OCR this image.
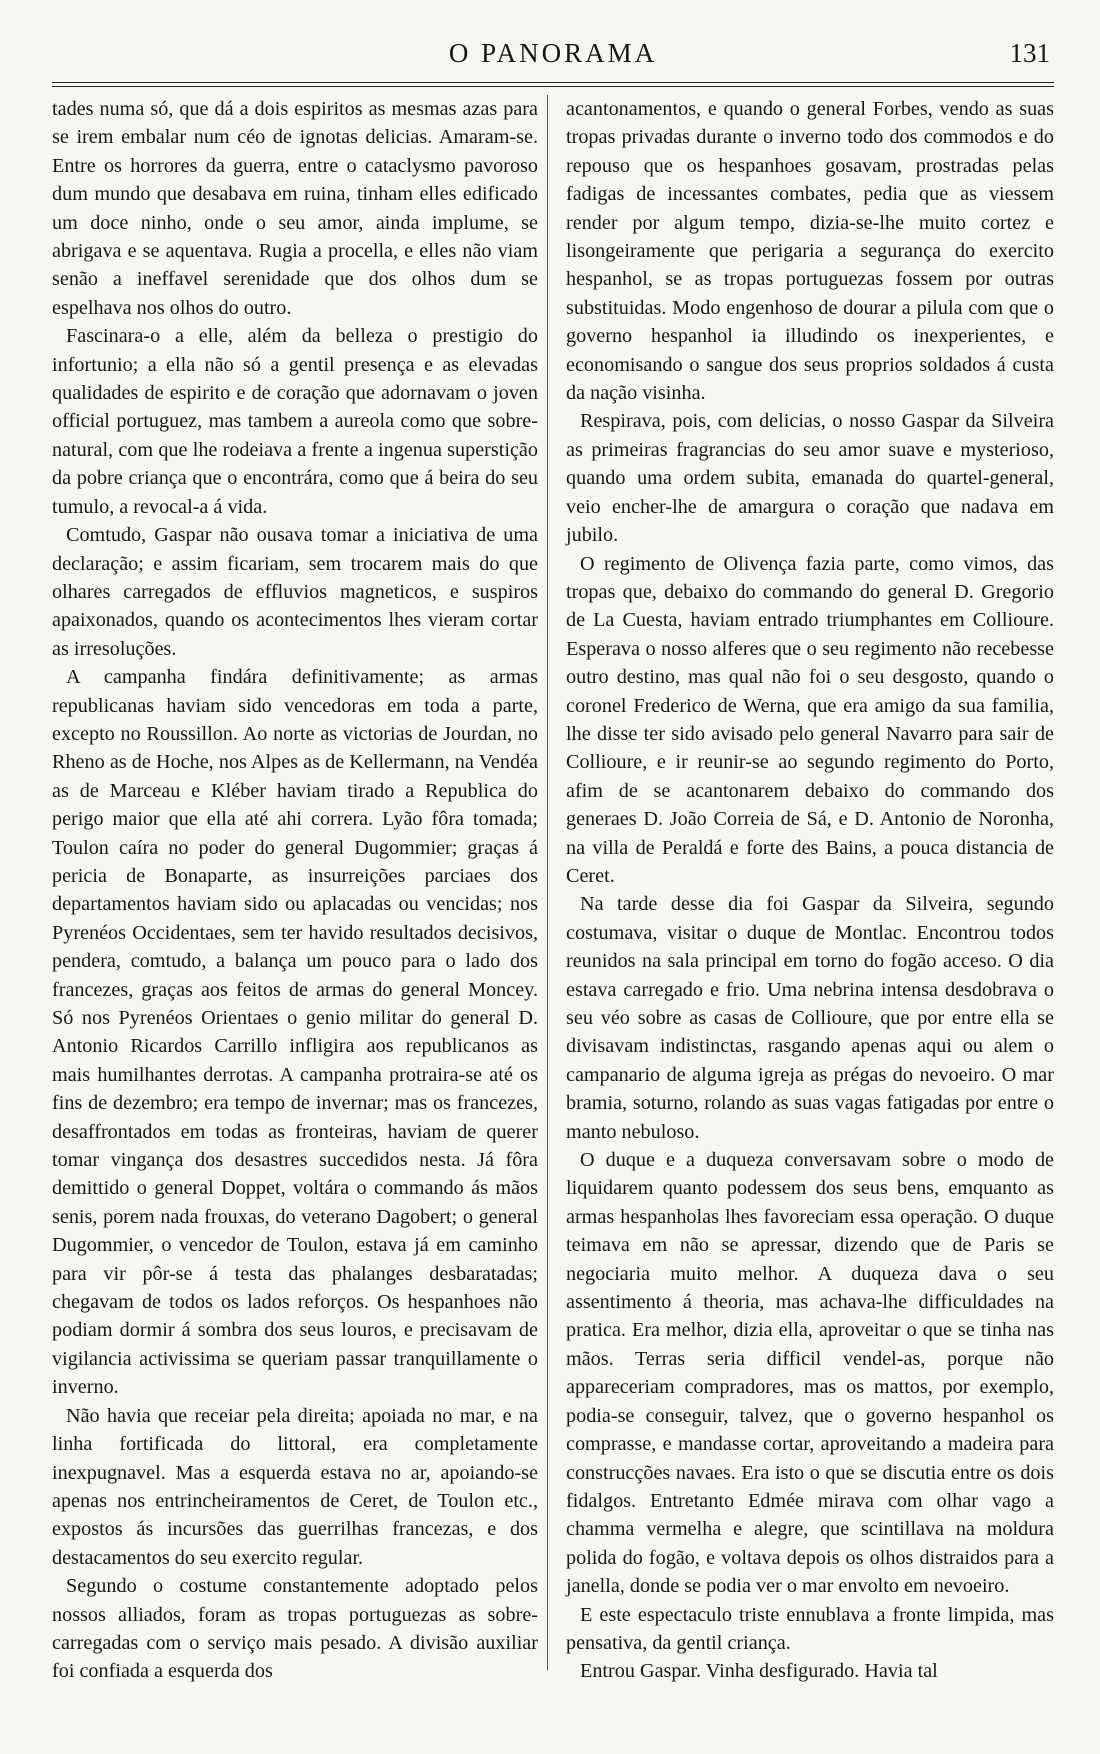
O PANORAMA	131

tades numa só, que dá a dois espiritos as mesmas azas para se irem embalar num céo de ignotas delicias. Amaram-se. Entre os horrores da guerra, entre o cataclysmo pavoroso dum mundo que desabava em ruina, tinham elles edificado um doce ninho, onde o seu amor, ainda implume, se abrigava e se aquentava. Rugia a procella, e elles não viam senão a ineffavel serenidade que dos olhos dum se espelhava nos olhos do outro.

Fascinara-o a elle, além da belleza o prestigio do infortunio; a ella não só a gentil presença e as elevadas qualidades de espirito e de coração que adornavam o joven official portuguez, mas tambem a aureola como que sobre-natural, com que lhe rodeiava a frente a ingenua superstição da pobre criança que o encontrára, como que á beira do seu tumulo, a revocal-a á vida.

Comtudo, Gaspar não ousava tomar a iniciativa de uma declaração; e assim ficariam, sem trocarem mais do que olhares carregados de effluvios magneticos, e suspiros apaixonados, quando os acontecimentos lhes vieram cortar as irresoluções.

A campanha findára definitivamente; as armas republicanas haviam sido vencedoras em toda a parte, excepto no Roussillon. Ao norte as victorias de Jourdan, no Rheno as de Hoche, nos Alpes as de Kellermann, na Vendéa as de Marceau e Kléber haviam tirado a Republica do perigo maior que ella até ahi correra. Lyão fôra tomada; Toulon caíra no poder do general Dugommier; graças á pericia de Bonaparte, as insurreições parciaes dos departamentos haviam sido ou aplacadas ou vencidas; nos Pyrenéos Occidentaes, sem ter havido resultados decisivos, pendera, comtudo, a balança um pouco para o lado dos francezes, graças aos feitos de armas do general Moncey. Só nos Pyrenéos Orientaes o genio militar do general D. Antonio Ricardos Carrillo infligira aos republicanos as mais humilhantes derrotas. A campanha protraira-se até os fins de dezembro; era tempo de invernar; mas os francezes, desaffrontados em todas as fronteiras, haviam de querer tomar vingança dos desastres succedidos nesta. Já fôra demittido o general Doppet, voltára o commando ás mãos senis, porem nada frouxas, do veterano Dagobert; o general Dugommier, o vencedor de Toulon, estava já em caminho para vir pôr-se á testa das phalanges desbaratadas; chegavam de todos os lados reforços. Os hespanhoes não podiam dormir á sombra dos seus louros, e precisavam de vigilancia activissima se queriam passar tranquillamente o inverno.

Não havia que receiar pela direita; apoiada no mar, e na linha fortificada do littoral, era completamente inexpugnavel. Mas a esquerda estava no ar, apoiando-se apenas nos entrincheiramentos de Ceret, de Toulon etc., expostos ás incursões das guerrilhas francezas, e dos destacamentos do seu exercito regular.

Segundo o costume constantemente adoptado pelos nossos alliados, foram as tropas portuguezas as sobre-carregadas com o serviço mais pesado. A divisão auxiliar foi confiada a esquerda dos

acantonamentos, e quando o general Forbes, vendo as suas tropas privadas durante o inverno todo dos commodos e do repouso que os hespanhoes gosavam, prostradas pelas fadigas de incessantes combates, pedia que as viessem render por algum tempo, dizia-se-lhe muito cortez e lisongeiramente que perigaria a segurança do exercito hespanhol, se as tropas portuguezas fossem por outras substituidas. Modo engenhoso de dourar a pilula com que o governo hespanhol ia illudindo os inexperientes, e economisando o sangue dos seus proprios soldados á custa da nação visinha.

Respirava, pois, com delicias, o nosso Gaspar da Silveira as primeiras fragrancias do seu amor suave e mysterioso, quando uma ordem subita, emanada do quartel-general, veio encher-lhe de amargura o coração que nadava em jubilo.

O regimento de Olivença fazia parte, como vimos, das tropas que, debaixo do commando do general D. Gregorio de La Cuesta, haviam entrado triumphantes em Collioure. Esperava o nosso alferes que o seu regimento não recebesse outro destino, mas qual não foi o seu desgosto, quando o coronel Frederico de Werna, que era amigo da sua familia, lhe disse ter sido avisado pelo general Navarro para sair de Collioure, e ir reunir-se ao segundo regimento do Porto, afim de se acantonarem debaixo do commando dos generaes D. João Correia de Sá, e D. Antonio de Noronha, na villa de Peraldá e forte des Bains, a pouca distancia de Ceret.

Na tarde desse dia foi Gaspar da Silveira, segundo costumava, visitar o duque de Montlac. Encontrou todos reunidos na sala principal em torno do fogão acceso. O dia estava carregado e frio. Uma nebrina intensa desdobrava o seu véo sobre as casas de Collioure, que por entre ella se divisavam indistinctas, rasgando apenas aqui ou alem o campanario de alguma igreja as prégas do nevoeiro. O mar bramia, soturno, rolando as suas vagas fatigadas por entre o manto nebuloso.

O duque e a duqueza conversavam sobre o modo de liquidarem quanto podessem dos seus bens, emquanto as armas hespanholas lhes favoreciam essa operação. O duque teimava em não se apressar, dizendo que de Paris se negociaria muito melhor. A duqueza dava o seu assentimento á theoria, mas achava-lhe difficuldades na pratica. Era melhor, dizia ella, aproveitar o que se tinha nas mãos. Terras seria difficil vendel-as, porque não appareceriam compradores, mas os mattos, por exemplo, podia-se conseguir, talvez, que o governo hespanhol os comprasse, e mandasse cortar, aproveitando a madeira para construcções navaes. Era isto o que se discutia entre os dois fidalgos. Entretanto Edmée mirava com olhar vago a chamma vermelha e alegre, que scintillava na moldura polida do fogão, e voltava depois os olhos distraidos para a janella, donde se podia ver o mar envolto em nevoeiro.

E este espectaculo triste ennublava a fronte limpida, mas pensativa, da gentil criança.

Entrou Gaspar. Vinha desfigurado. Havia tal
